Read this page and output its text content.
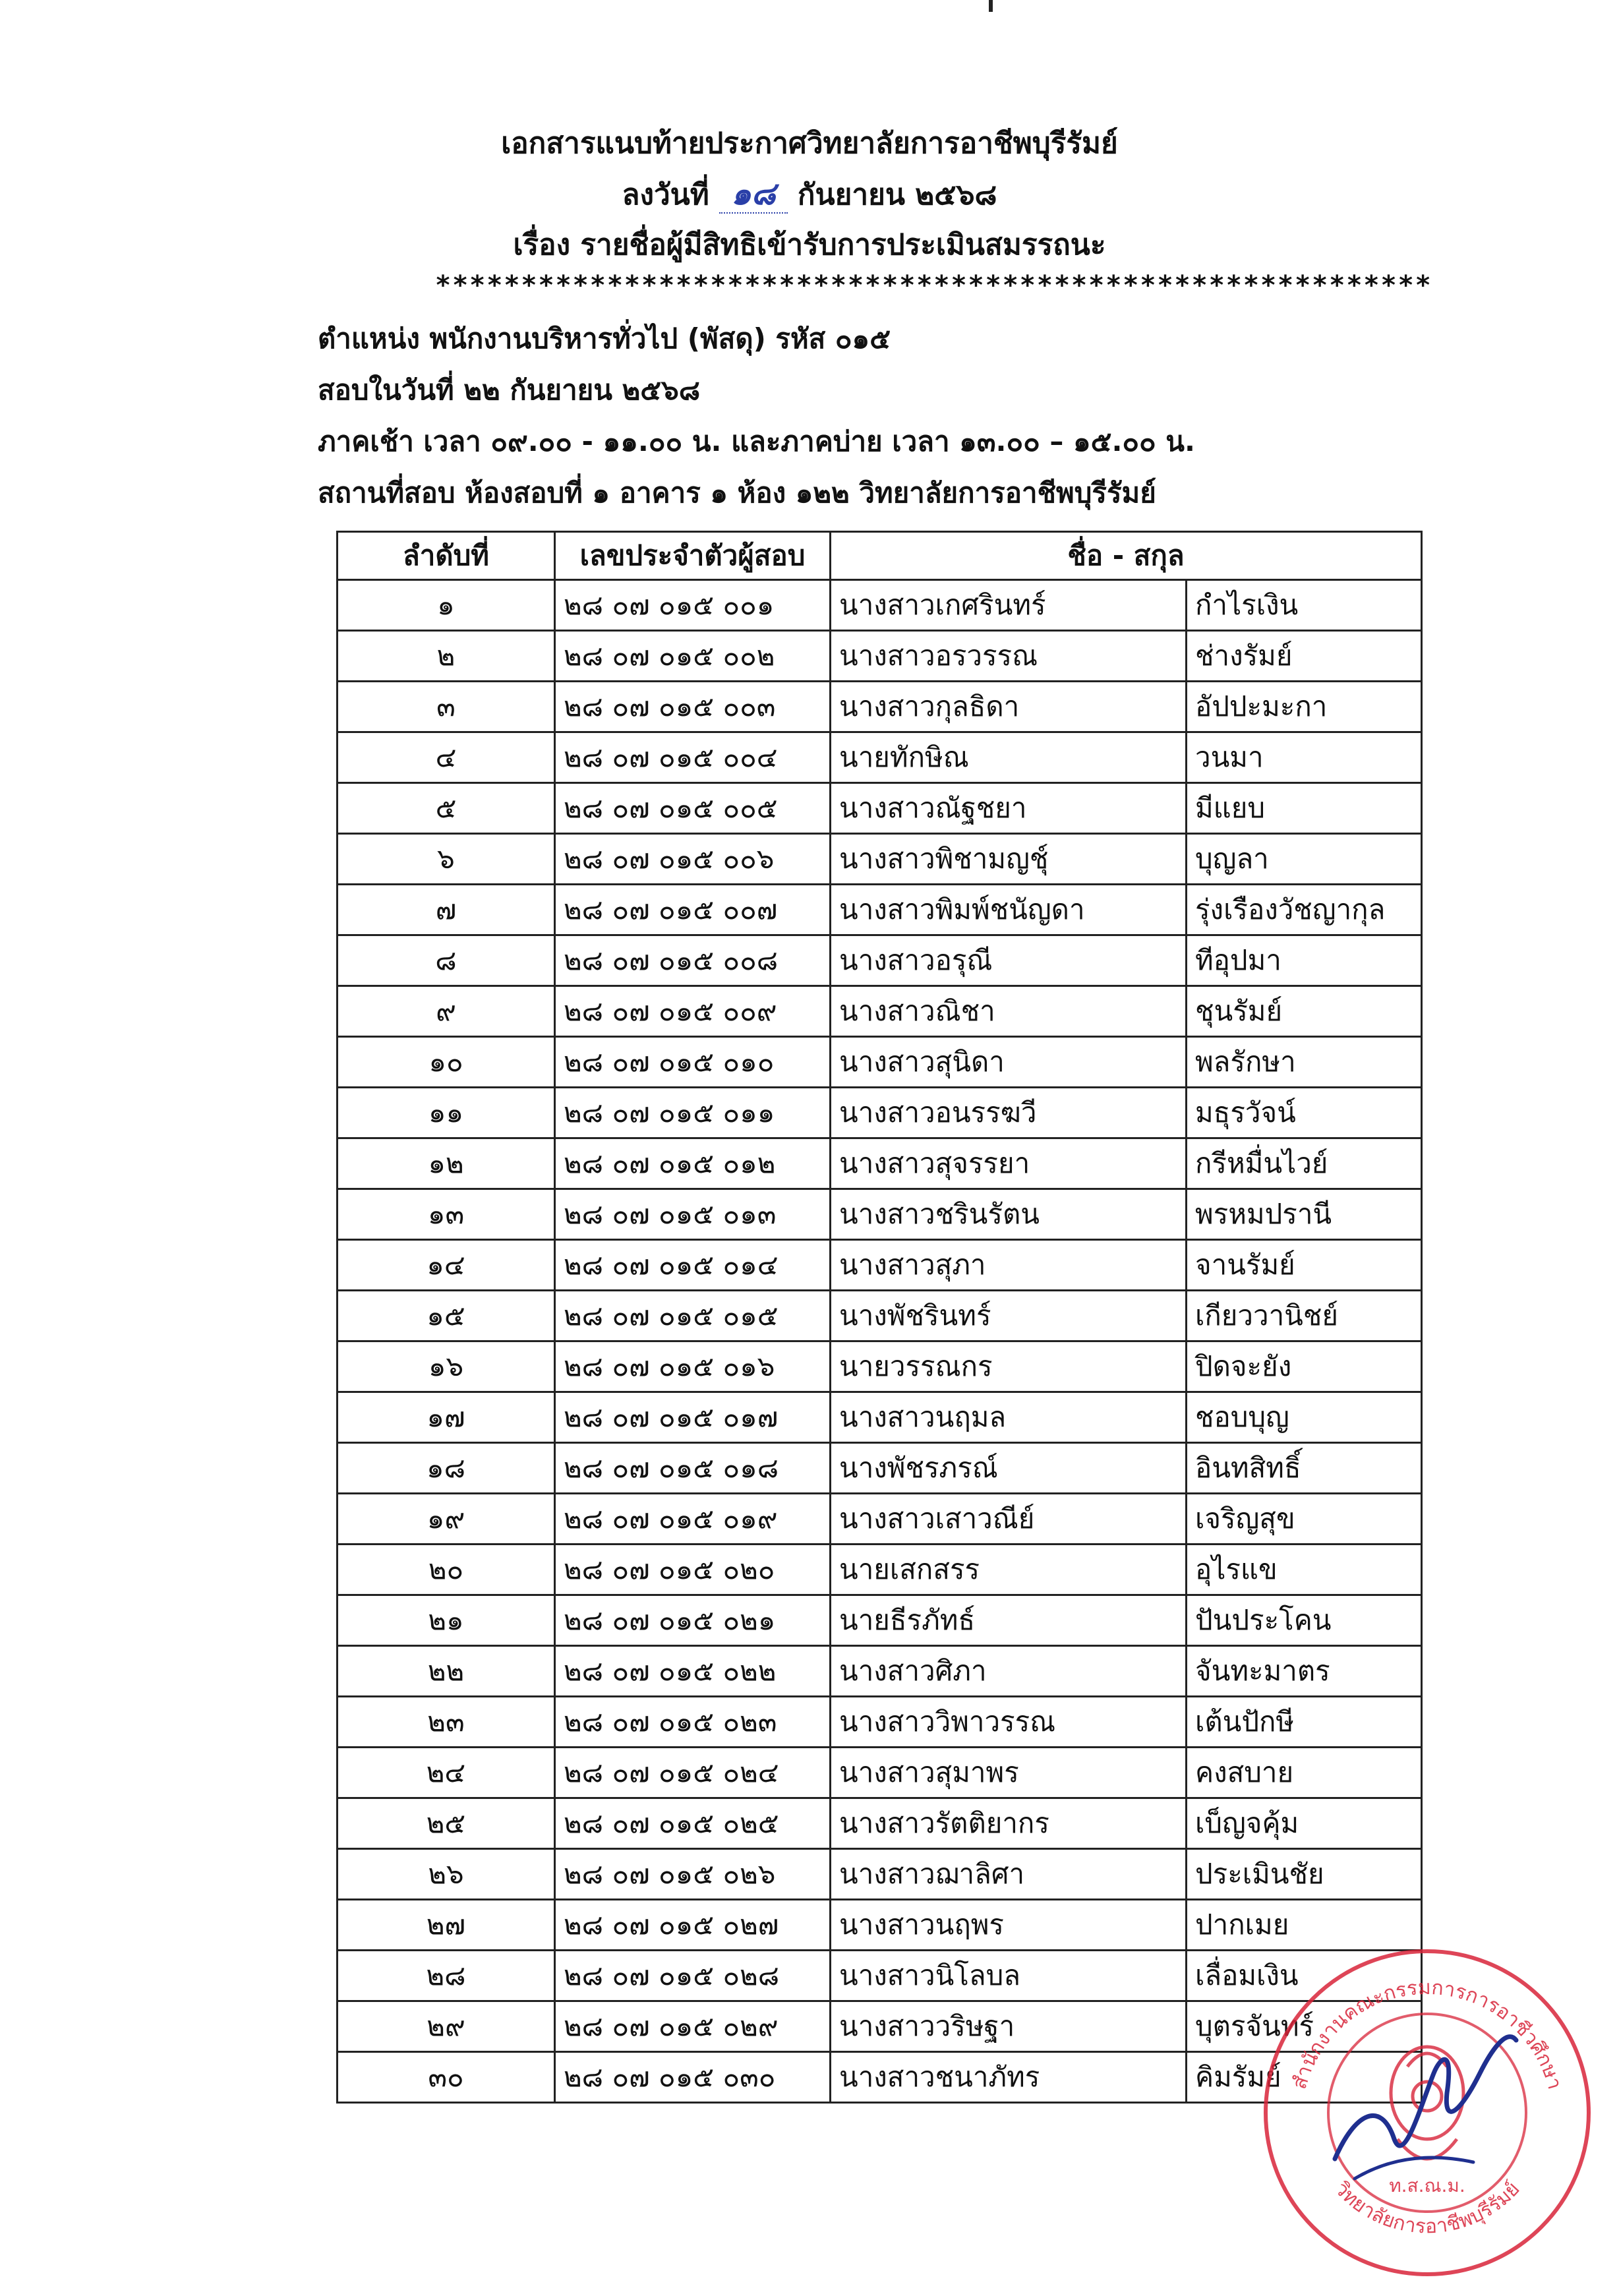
เอกสารแนบท้ายประกาศวิทยาลัยการอาชีพบุรีรัมย์
ลงวันที่ ๑๘ กันยายน ๒๕๖๘
เรื่อง รายชื่อผู้มีสิทธิเข้ารับการประเมินสมรรถนะ
**********************************************************
ตำแหน่ง พนักงานบริหารทั่วไป (พัสดุ) รหัส ๐๑๕
สอบในวันที่ ๒๒ กันยายน ๒๕๖๘
ภาคเช้า เวลา ๐๙.๐๐ - ๑๑.๐๐ น. และภาคบ่าย เวลา ๑๓.๐๐ – ๑๕.๐๐ น.
สถานที่สอบ ห้องสอบที่ ๑ อาคาร ๑ ห้อง ๑๒๒ วิทยาลัยการอาชีพบุรีรัมย์
ลำดับที่	เลขประจำตัวผู้สอบ	ชื่อ - สกุล	
๑	๒๘ ๐๗ ๐๑๕ ๐๐๑	นางสาวเกศรินทร์	กำไรเงิน
๒	๒๘ ๐๗ ๐๑๕ ๐๐๒	นางสาวอรวรรณ	ช่างรัมย์
๓	๒๘ ๐๗ ๐๑๕ ๐๐๓	นางสาวกุลธิดา	อัปปะมะกา
๔	๒๘ ๐๗ ๐๑๕ ๐๐๔	นายทักษิณ	วนมา
๕	๒๘ ๐๗ ๐๑๕ ๐๐๕	นางสาวณัฐชยา	มีแยบ
๖	๒๘ ๐๗ ๐๑๕ ๐๐๖	นางสาวพิชามญชุ์	บุญลา
๗	๒๘ ๐๗ ๐๑๕ ๐๐๗	นางสาวพิมพ์ชนัญดา	รุ่งเรืองวัชญากุล
๘	๒๘ ๐๗ ๐๑๕ ๐๐๘	นางสาวอรุณี	ทีอุปมา
๙	๒๘ ๐๗ ๐๑๕ ๐๐๙	นางสาวณิชา	ชุนรัมย์
๑๐	๒๘ ๐๗ ๐๑๕ ๐๑๐	นางสาวสุนิดา	พลรักษา
๑๑	๒๘ ๐๗ ๐๑๕ ๐๑๑	นางสาวอนรรฆวี	มธุรวัจน์
๑๒	๒๘ ๐๗ ๐๑๕ ๐๑๒	นางสาวสุจรรยา	กรีหมื่นไวย์
๑๓	๒๘ ๐๗ ๐๑๕ ๐๑๓	นางสาวชรินรัตน	พรหมปรานี
๑๔	๒๘ ๐๗ ๐๑๕ ๐๑๔	นางสาวสุภา	จานรัมย์
๑๕	๒๘ ๐๗ ๐๑๕ ๐๑๕	นางพัชรินทร์	เกียววานิชย์
๑๖	๒๘ ๐๗ ๐๑๕ ๐๑๖	นายวรรณกร	ปิดจะยัง
๑๗	๒๘ ๐๗ ๐๑๕ ๐๑๗	นางสาวนฤมล	ชอบบุญ
๑๘	๒๘ ๐๗ ๐๑๕ ๐๑๘	นางพัชรภรณ์	อินทสิทธิ์
๑๙	๒๘ ๐๗ ๐๑๕ ๐๑๙	นางสาวเสาวณีย์	เจริญสุข
๒๐	๒๘ ๐๗ ๐๑๕ ๐๒๐	นายเสกสรร	อุไรแข
๒๑	๒๘ ๐๗ ๐๑๕ ๐๒๑	นายธีรภัทธ์	ปันประโคน
๒๒	๒๘ ๐๗ ๐๑๕ ๐๒๒	นางสาวศิภา	จันทะมาตร
๒๓	๒๘ ๐๗ ๐๑๕ ๐๒๓	นางสาววิพาวรรณ	เต้นปักษี
๒๔	๒๘ ๐๗ ๐๑๕ ๐๒๔	นางสาวสุมาพร	คงสบาย
๒๕	๒๘ ๐๗ ๐๑๕ ๐๒๕	นางสาวรัตติยากร	เบ็ญจคุ้ม
๒๖	๒๘ ๐๗ ๐๑๕ ๐๒๖	นางสาวฌาลิศา	ประเมินชัย
๒๗	๒๘ ๐๗ ๐๑๕ ๐๒๗	นางสาวนฤพร	ปากเมย
๒๘	๒๘ ๐๗ ๐๑๕ ๐๒๘	นางสาวนิโลบล	เลื่อมเงิน
๒๙	๒๘ ๐๗ ๐๑๕ ๐๒๙	นางสาววริษฐา	บุตรจันทร์
๓๐	๒๘ ๐๗ ๐๑๕ ๐๓๐	นางสาวชนาภัทร	คิมรัมย์ สำนักงานคณะกรรมการการอาชีวศึกษา
วิทยาลัยการอาชีพบุรีรัมย์
ท.ส.ณ.ม.
